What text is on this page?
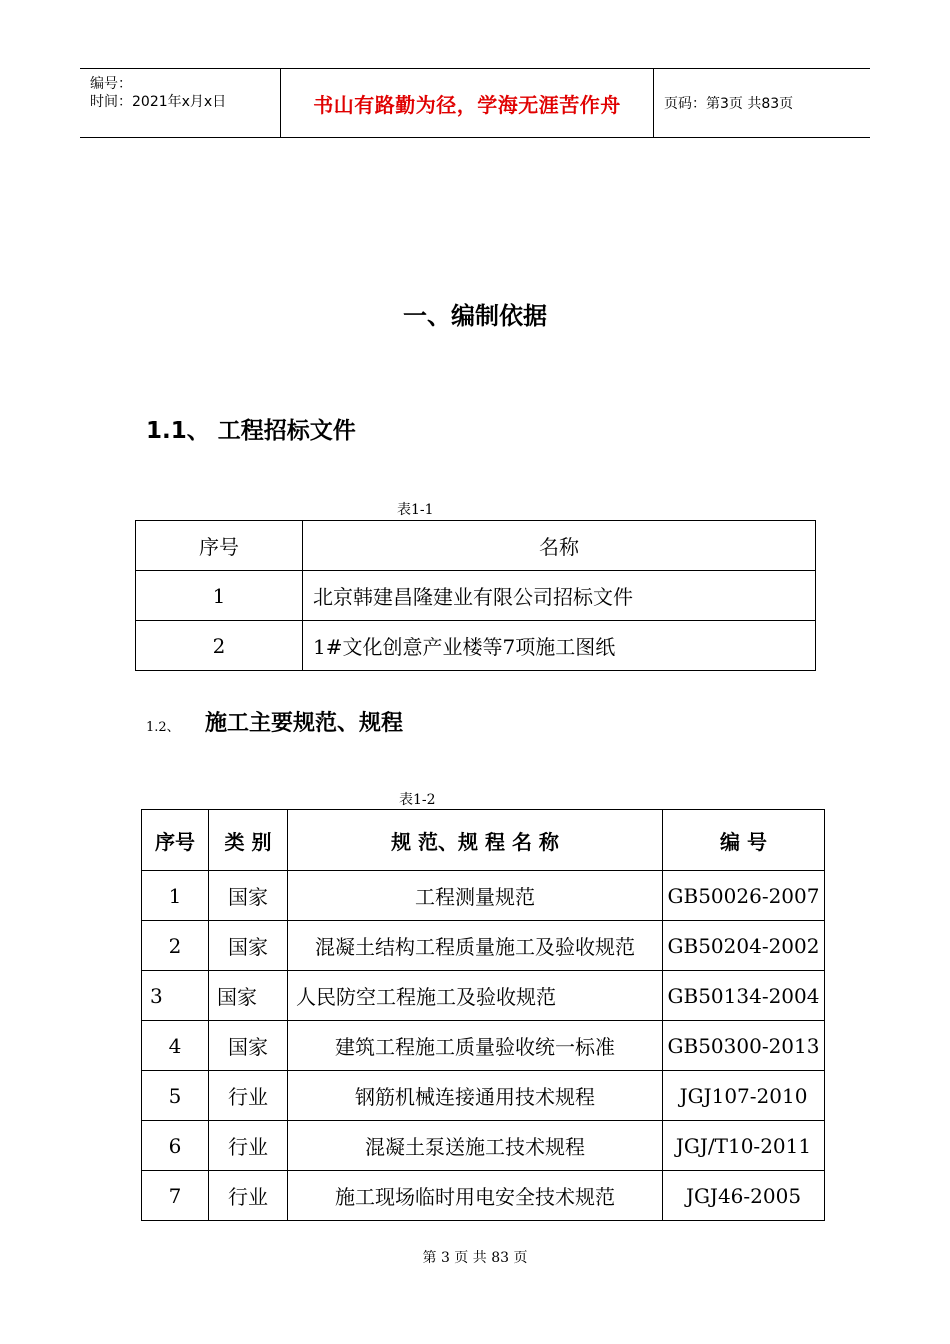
编号：
时间：2021年x月x日	书山有路勤为径，学海无涯苦作舟	页码：第3页 共83页
一、编制依据
1.1、 工程招标文件
表1-1
序号	名称
1	北京韩建昌隆建业有限公司招标文件
2	1#文化创意产业楼等7项施工图纸
1.2、 施工主要规范、规程
表1-2
序号	类 别	规 范、规 程 名 称	编 号
1	国家	工程测量规范	GB50026-2007
2	国家	混凝土结构工程质量施工及验收规范	GB50204-2002
3	国家	人民防空工程施工及验收规范	GB50134-2004
4	国家	建筑工程施工质量验收统一标准	GB50300-2013
5	行业	钢筋机械连接通用技术规程	JGJ107-2010
6	行业	混凝土泵送施工技术规程	JGJ/T10-2011
7	行业	施工现场临时用电安全技术规范	JGJ46-2005
第 3 页 共 83 页
